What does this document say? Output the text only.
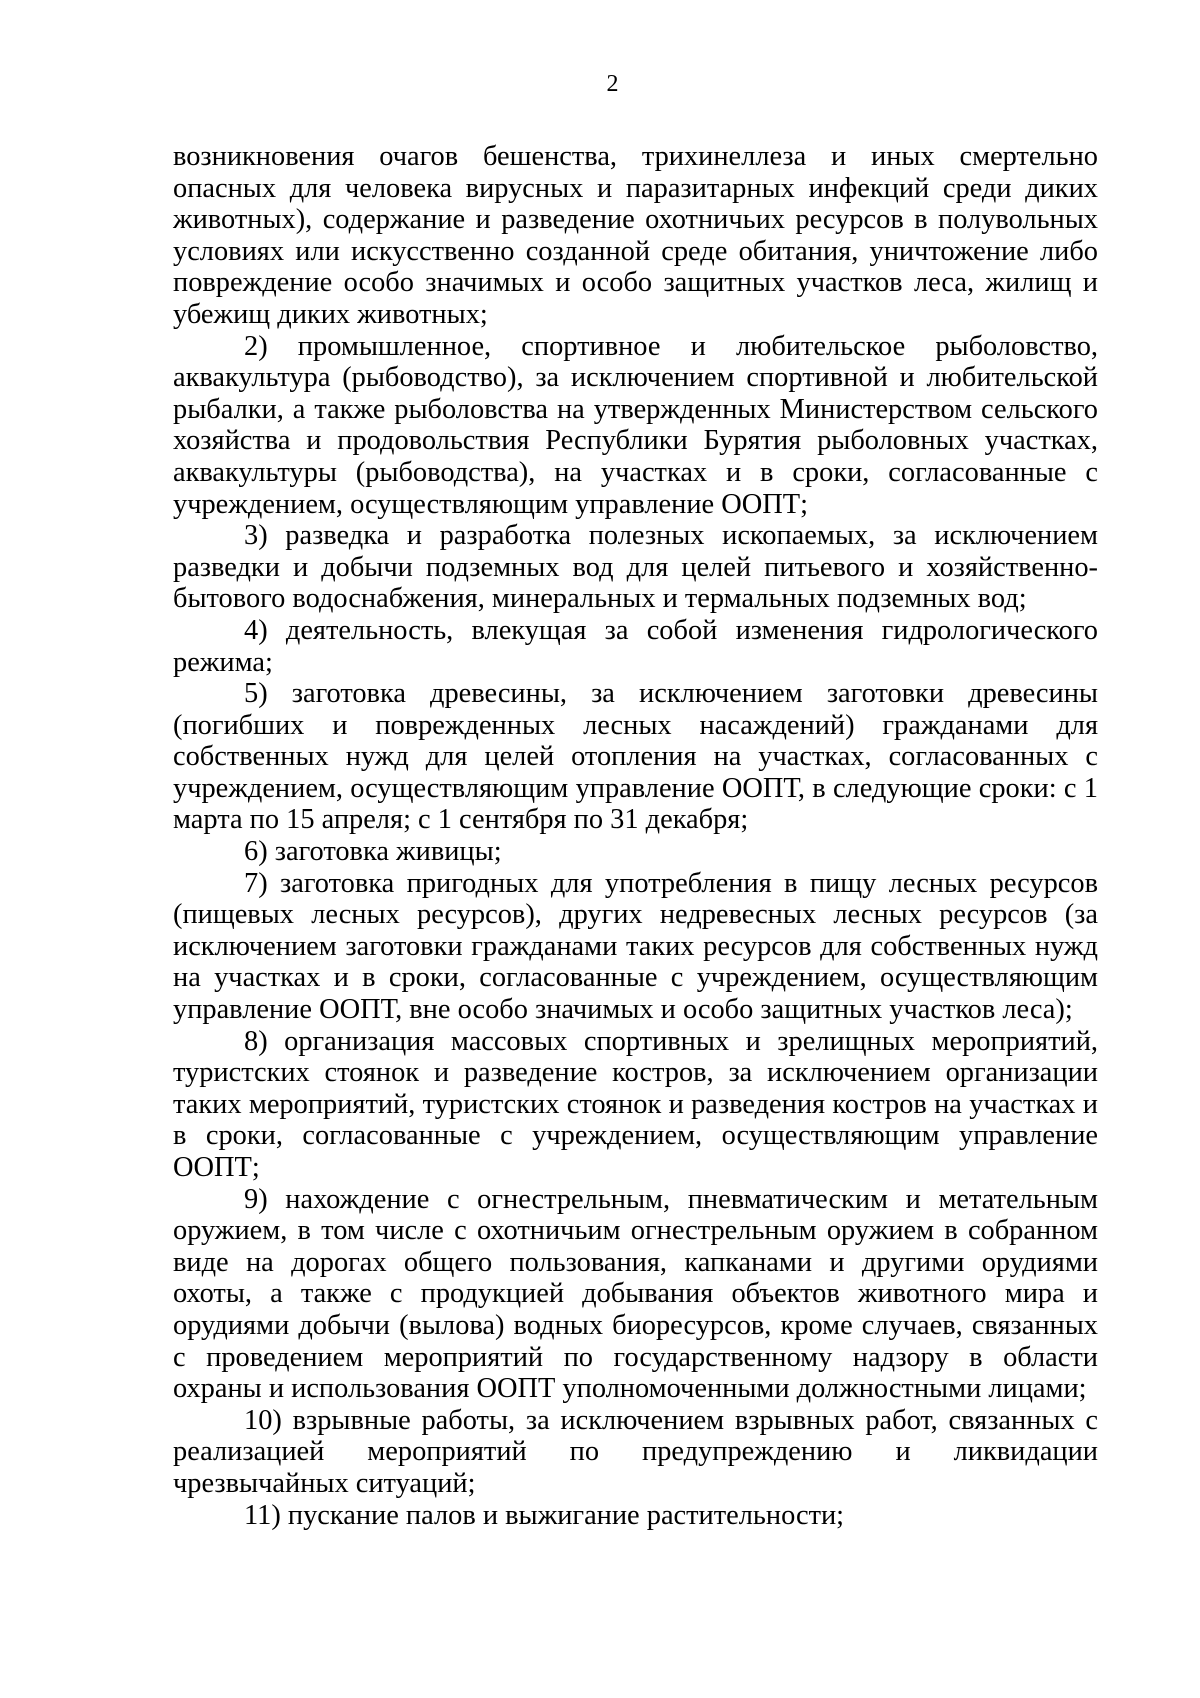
2

возникновения очагов бешенства, трихинеллеза и иных смертельно опасных для человека вирусных и паразитарных инфекций среди диких животных), содержание и разведение охотничьих ресурсов в полувольных условиях или искусственно созданной среде обитания, уничтожение либо повреждение особо значимых и особо защитных участков леса, жилищ и убежищ диких животных;

2) промышленное, спортивное и любительское рыболовство, аквакультура (рыбоводство), за исключением спортивной и любительской рыбалки, а также рыболовства на утвержденных Министерством сельского хозяйства и продовольствия Республики Бурятия рыболовных участках, аквакультуры (рыбоводства), на участках и в сроки, согласованные с учреждением, осуществляющим управление ООПТ;

3) разведка и разработка полезных ископаемых, за исключением разведки и добычи подземных вод для целей питьевого и хозяйственно-бытового водоснабжения, минеральных и термальных подземных вод;

4) деятельность, влекущая за собой изменения гидрологического режима;

5) заготовка древесины, за исключением заготовки древесины (погибших и поврежденных лесных насаждений) гражданами для собственных нужд для целей отопления на участках, согласованных с учреждением, осуществляющим управление ООПТ, в следующие сроки: с 1 марта по 15 апреля; с 1 сентября по 31 декабря;

6) заготовка живицы;

7) заготовка пригодных для употребления в пищу лесных ресурсов (пищевых лесных ресурсов), других недревесных лесных ресурсов (за исключением заготовки гражданами таких ресурсов для собственных нужд на участках и в сроки, согласованные с учреждением, осуществляющим управление ООПТ, вне особо значимых и особо защитных участков леса);

8) организация массовых спортивных и зрелищных мероприятий, туристских стоянок и разведение костров, за исключением организации таких мероприятий, туристских стоянок и разведения костров на участках и в сроки, согласованные с учреждением, осуществляющим управление ООПТ;

9) нахождение с огнестрельным, пневматическим и метательным оружием, в том числе с охотничьим огнестрельным оружием в собранном виде на дорогах общего пользования, капканами и другими орудиями охоты, а также с продукцией добывания объектов животного мира и орудиями добычи (вылова) водных биоресурсов, кроме случаев, связанных с проведением мероприятий по государственному надзору в области охраны и использования ООПТ уполномоченными должностными лицами;

10) взрывные работы, за исключением взрывных работ, связанных с реализацией мероприятий по предупреждению и ликвидации чрезвычайных ситуаций;

11) пускание палов и выжигание растительности;
